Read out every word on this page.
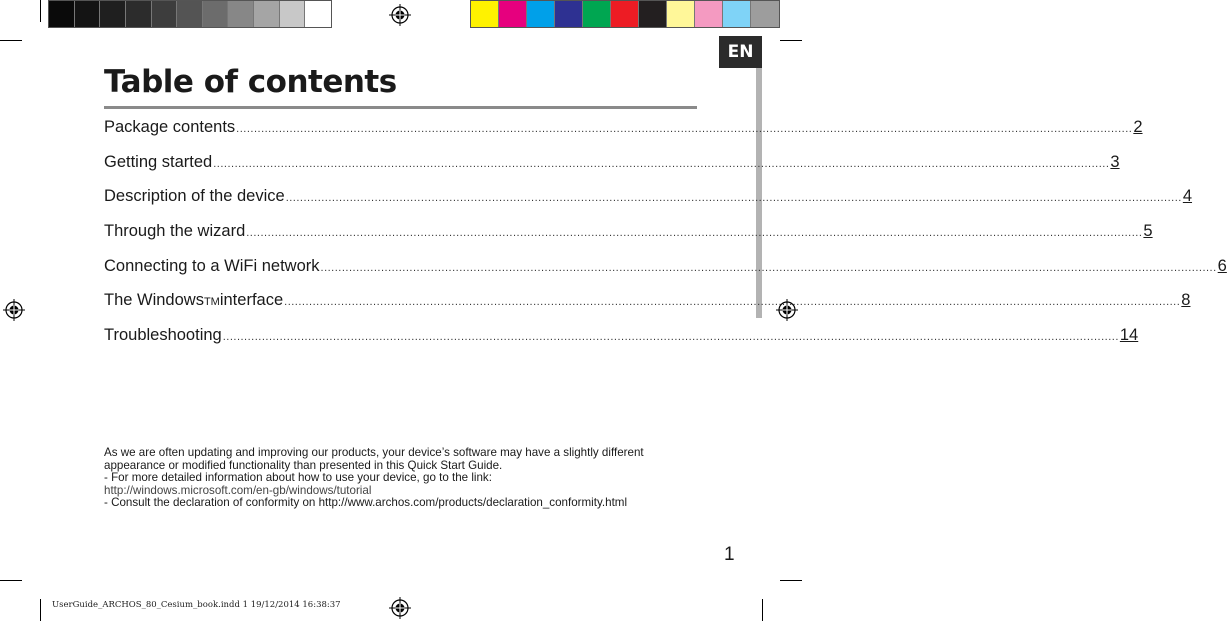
EN
Table of contents
Package contents ............................................................................................................................................................................................................................................................ 2
Getting started ............................................................................................................................................................................................................................................................ 3
Description of the device ............................................................................................................................................................................................................................................................ 4
Through the wizard ............................................................................................................................................................................................................................................................ 5
Connecting to a WiFi network ............................................................................................................................................................................................................................................................ 6
The Windows TM interface ............................................................................................................................................................................................................................................................ 8
Troubleshooting ............................................................................................................................................................................................................................................................ 14

As we are often updating and improving our products, your device’s software may have a slightly different appearance or modified functionality than presented in this Quick Start Guide.

- For more detailed information about how to use your device, go to the link:

http://windows.microsoft.com/en-gb/windows/tutorial

- Consult the declaration of conformity on http://www.archos.com/products/declaration_conformity.html

1
UserGuide_ARCHOS_80_Cesium_book.indd 1 19/12/2014 16:38:37
